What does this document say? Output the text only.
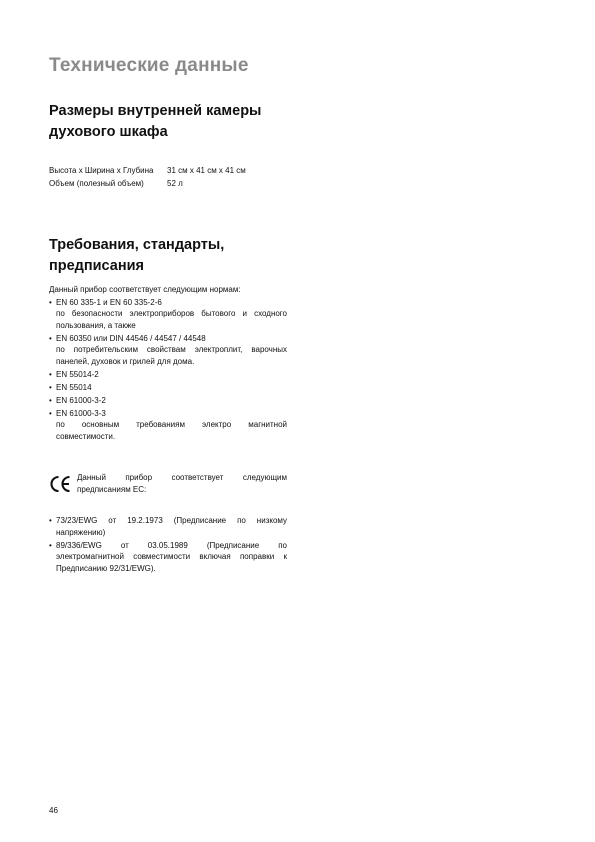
Технические данные
Размеры внутренней камеры духового шкафа
Высота x Ширина x Глубина	31 см x 41 см x 41 см
Объем (полезный объем)	52 л
Требования, стандарты, предписания

Данный прибор соответствует следующим нормам:

• EN 60 335-1 и EN 60 335-2-6
по безопасности электроприборов бытового и сходного пользования, а также
• EN 60350 или DIN 44546 / 44547 / 44548
по потребительским свойствам электроплит, варочных панелей, духовок и грилей для дома.
• EN 55014-2
• EN 55014
• EN 61000-3-2
• EN 61000-3-3
по основным требованиям электро магнитной совместимости.
Данный прибор соответствует следующим предписаниям ЕС:
• 73/23/EWG от 19.2.1973 (Предписание по низкому напряжению)
• 89/336/EWG от 03.05.1989 (Предписание по электромагнитной совместимости включая поправки к Предписанию 92/31/EWG).
46
